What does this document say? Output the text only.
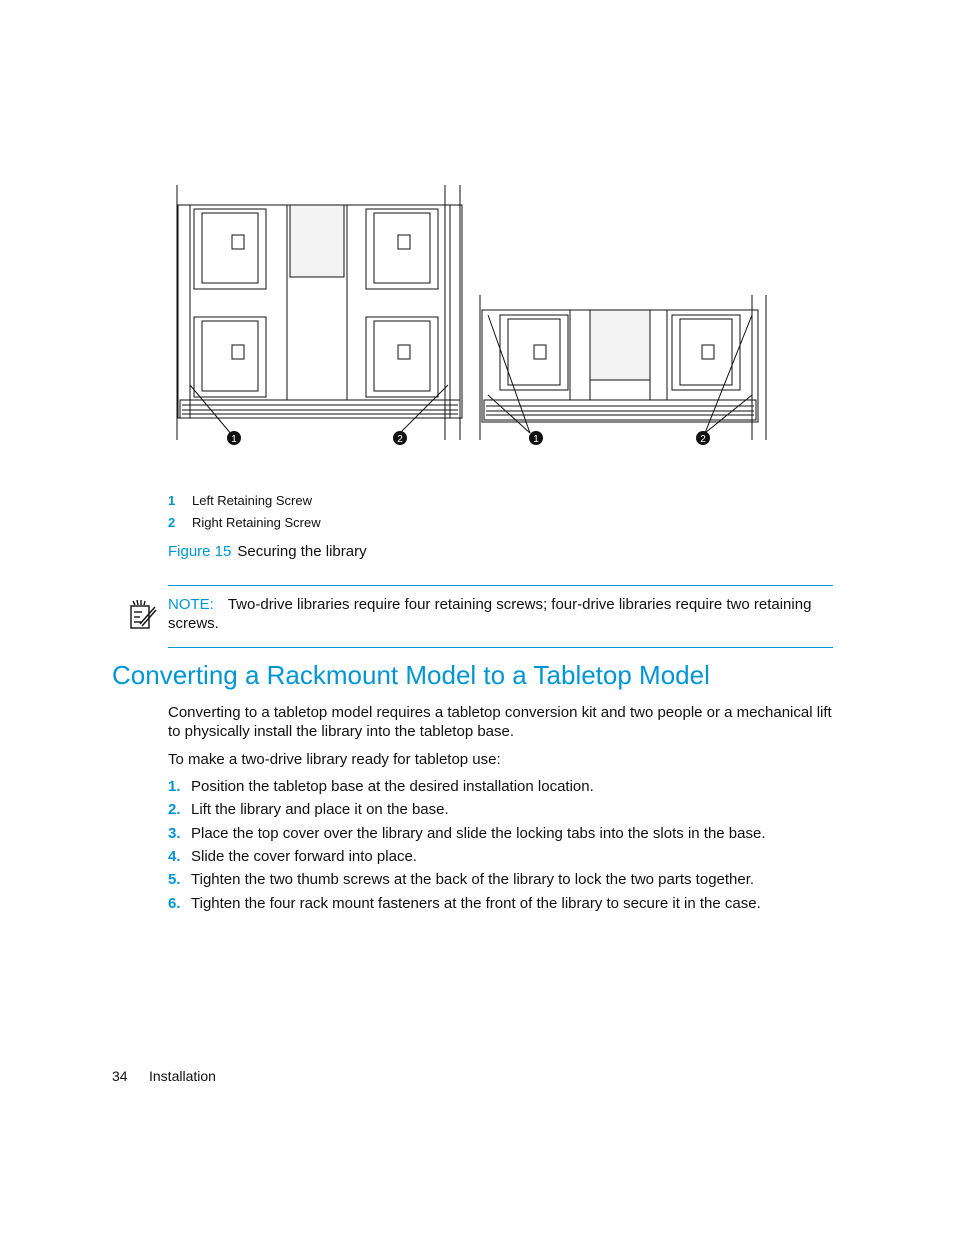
1	2	1	2
1 Left Retaining Screw
2 Right Retaining Screw
Figure 15 Securing the library
NOTE: Two-drive libraries require four retaining screws; four-drive libraries require two retaining screws.
Converting a Rackmount Model to a Tabletop Model

Converting to a tabletop model requires a tabletop conversion kit and two people or a mechanical lift to physically install the library into the tabletop base.

To make a two-drive library ready for tabletop use:

1. Position the tabletop base at the desired installation location.
2. Lift the library and place it on the base.
3. Place the top cover over the library and slide the locking tabs into the slots in the base.
4. Slide the cover forward into place.
5. Tighten the two thumb screws at the back of the library to lock the two parts together.
6. Tighten the four rack mount fasteners at the front of the library to secure it in the case.
34 Installation
